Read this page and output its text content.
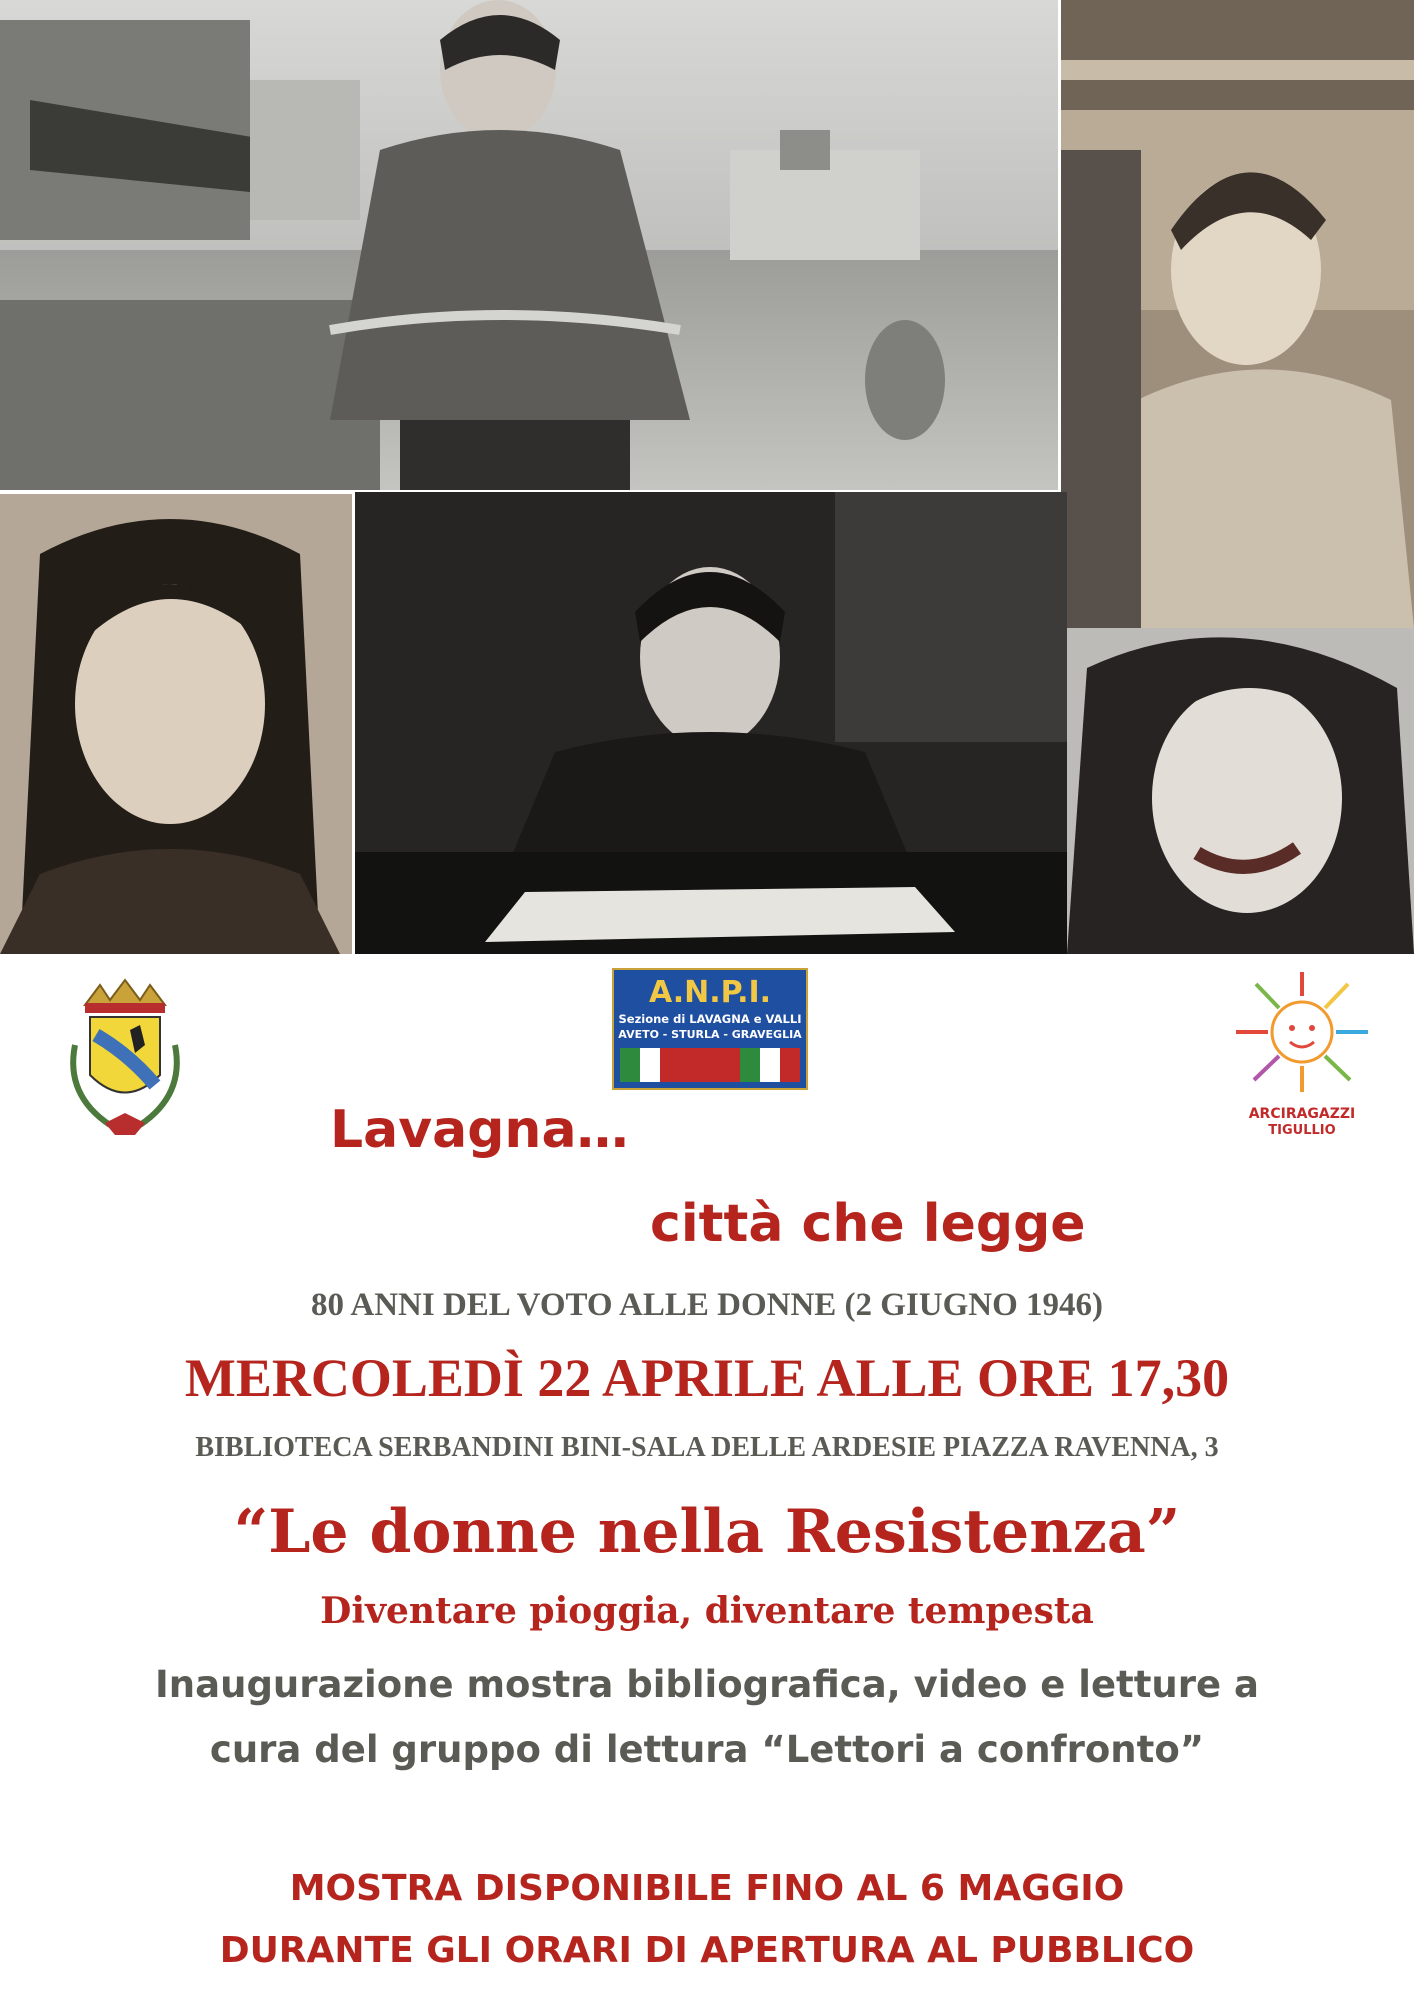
A.N.P.I.
Sezione di LAVAGNA e VALLI
AVETO - STURLA - GRAVEGLIA
ARCIRAGAZZI
TIGULLIO
Lavagna…
città che legge
80 ANNI DEL VOTO ALLE DONNE (2 GIUGNO 1946)
MERCOLEDÌ 22 APRILE ALLE ORE 17,30
BIBLIOTECA SERBANDINI BINI-SALA DELLE ARDESIE PIAZZA RAVENNA, 3
“Le donne nella Resistenza”
Diventare pioggia, diventare tempesta
Inaugurazione mostra bibliografica, video e letture a
cura del gruppo di lettura “Lettori a confronto”
MOSTRA DISPONIBILE FINO AL 6 MAGGIO
DURANTE GLI ORARI DI APERTURA AL PUBBLICO
